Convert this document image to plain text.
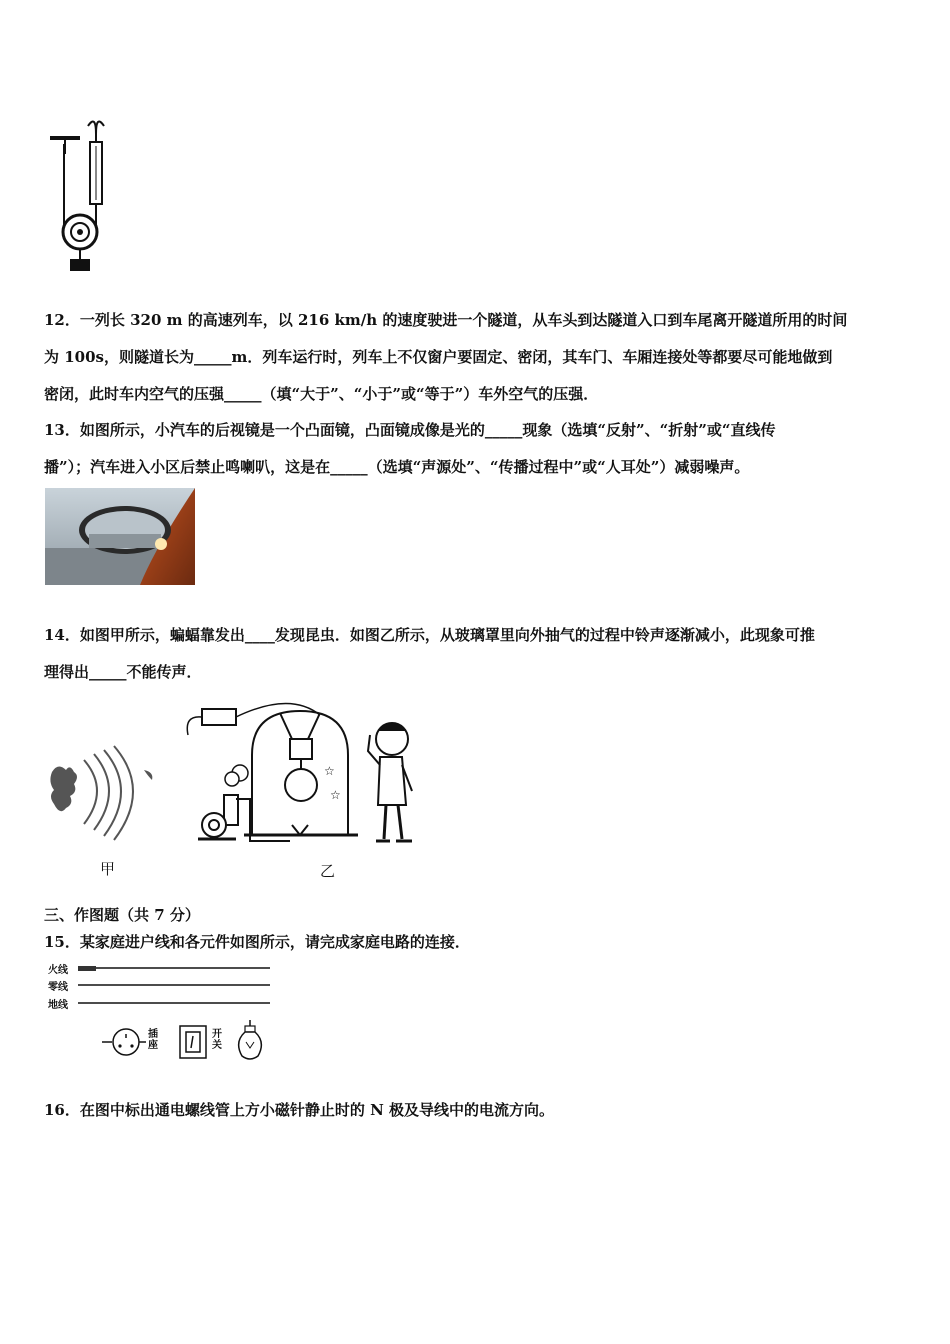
12．一列长 320 m 的高速列车，以 216 km/h 的速度驶进一个隧道，从车头到达隧道入口到车尾离开隧道所用的时间
为 100s，则隧道长为_____m．列车运行时，列车上不仅窗户要固定、密闭，其车门、车厢连接处等都要尽可能地做到
密闭，此时车内空气的压强_____（填“大于”、“小于”或“等于”）车外空气的压强．
13．如图所示，小汽车的后视镜是一个凸面镜，凸面镜成像是光的_____现象（选填“反射”、“折射”或“直线传
播”）；汽车进入小区后禁止鸣喇叭，这是在_____（选填“声源处”、“传播过程中”或“人耳处”）减弱噪声。
14．如图甲所示，蝙蝠靠发出____发现昆虫．如图乙所示，从玻璃罩里向外抽气的过程中铃声逐渐减小，此现象可推
理得出_____不能传声．
甲
☆
☆
乙
三、作图题（共 7 分）
15．某家庭进户线和各元件如图所示，请完成家庭电路的连接．
火线
零线
地线
插座
开关
16．在图中标出通电螺线管上方小磁针静止时的 N 极及导线中的电流方向。
